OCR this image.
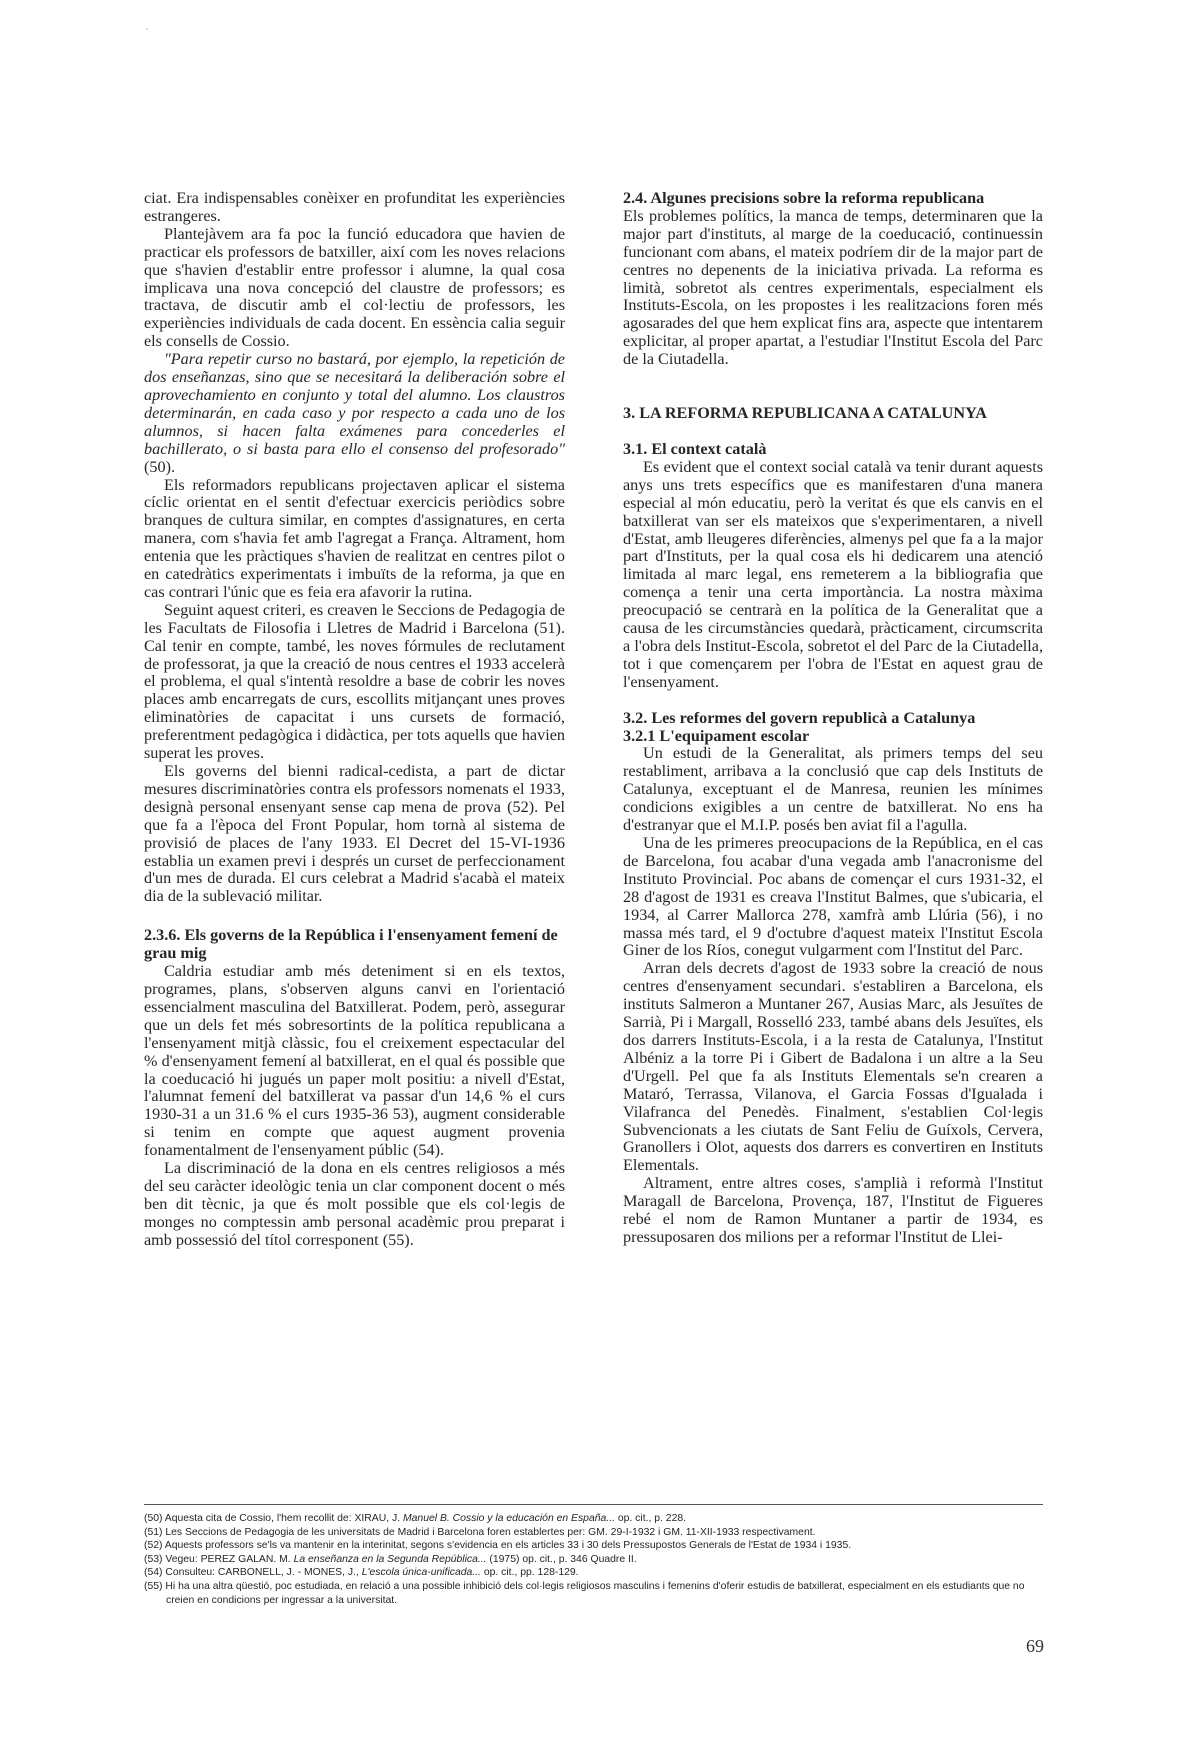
ciat. Era indispensables conèixer en profunditat les experiències estrangeres.

Plantejàvem ara fa poc la funció educadora que havien de practicar els professors de batxiller, així com les noves relacions que s'havien d'establir entre professor i alumne, la qual cosa implicava una nova concepció del claustre de professors; es tractava, de discutir amb el col·lectiu de professors, les experiències individuals de cada docent. En essència calia seguir els consells de Cossio.

"Para repetir curso no bastará, por ejemplo, la repetición de dos enseñanzas, sino que se necesitará la deliberación sobre el aprovechamiento en conjunto y total del alumno. Los claustros determinarán, en cada caso y por respecto a cada uno de los alumnos, si hacen falta exámenes para concederles el bachillerato, o si basta para ello el consenso del profesorado" (50).

Els reformadors republicans projectaven aplicar el sistema cíclic orientat en el sentit d'efectuar exercicis periòdics sobre branques de cultura similar, en comptes d'assignatures, en certa manera, com s'havia fet amb l'agregat a França. Altrament, hom entenia que les pràctiques s'havien de realitzat en centres pilot o en catedràtics experimentats i imbuïts de la reforma, ja que en cas contrari l'únic que es feia era afavorir la rutina.

Seguint aquest criteri, es creaven le Seccions de Pedagogia de les Facultats de Filosofia i Lletres de Madrid i Barcelona (51). Cal tenir en compte, també, les noves fórmules de reclutament de professorat, ja que la creació de nous centres el 1933 accelerà el problema, el qual s'intentà resoldre a base de cobrir les noves places amb encarregats de curs, escollits mitjançant unes proves eliminatòries de capacitat i uns cursets de formació, preferentment pedagògica i didàctica, per tots aquells que havien superat les proves.

Els governs del bienni radical-cedista, a part de dictar mesures discriminatòries contra els professors nomenats el 1933, designà personal ensenyant sense cap mena de prova (52). Pel que fa a l'època del Front Popular, hom tornà al sistema de provisió de places de l'any 1933. El Decret del 15-VI-1936 establia un examen previ i després un curset de perfeccionament d'un mes de durada. El curs celebrat a Madrid s'acabà el mateix dia de la sublevació militar.

2.3.6. Els governs de la República i l'ensenyament femení de grau mig

Caldria estudiar amb més deteniment si en els textos, programes, plans, s'observen alguns canvi en l'orientació essencialment masculina del Batxillerat. Podem, però, assegurar que un dels fet més sobresortints de la política republicana a l'ensenyament mitjà clàssic, fou el creixement espectacular del % d'ensenyament femení al batxillerat, en el qual és possible que la coeducació hi jugués un paper molt positiu: a nivell d'Estat, l'alumnat femení del batxillerat va passar d'un 14,6 % el curs 1930-31 a un 31.6 % el curs 1935-36 53), augment considerable si tenim en compte que aquest augment provenia fonamentalment de l'ensenyament públic (54).

La discriminació de la dona en els centres religiosos a més del seu caràcter ideològic tenia un clar component docent o més ben dit tècnic, ja que és molt possible que els col·legis de monges no comptessin amb personal acadèmic prou preparat i amb possessió del títol corresponent (55).

2.4. Algunes precisions sobre la reforma republicana

Els problemes polítics, la manca de temps, determinaren que la major part d'instituts, al marge de la coeducació, continuessin funcionant com abans, el mateix podríem dir de la major part de centres no depenents de la iniciativa privada. La reforma es limità, sobretot als centres experimentals, especialment els Instituts-Escola, on les propostes i les realitzacions foren més agosarades del que hem explicat fins ara, aspecte que intentarem explicitar, al proper apartat, a l'estudiar l'Institut Escola del Parc de la Ciutadella.

3. LA REFORMA REPUBLICANA A CATALUNYA
3.1. El context català

Es evident que el context social català va tenir durant aquests anys uns trets específics que es manifestaren d'una manera especial al món educatiu, però la veritat és que els canvis en el batxillerat van ser els mateixos que s'experimentaren, a nivell d'Estat, amb lleugeres diferències, almenys pel que fa a la major part d'Instituts, per la qual cosa els hi dedicarem una atenció limitada al marc legal, ens remeterem a la bibliografia que comença a tenir una certa importància. La nostra màxima preocupació se centrarà en la política de la Generalitat que a causa de les circumstàncies quedarà, pràcticament, circumscrita a l'obra dels Institut-Escola, sobretot el del Parc de la Ciutadella, tot i que començarem per l'obra de l'Estat en aquest grau de l'ensenyament.

3.2. Les reformes del govern republicà a Catalunya
3.2.1 L'equipament escolar

Un estudi de la Generalitat, als primers temps del seu restabliment, arribava a la conclusió que cap dels Instituts de Catalunya, exceptuant el de Manresa, reunien les mínimes condicions exigibles a un centre de batxillerat. No ens ha d'estranyar que el M.I.P. posés ben aviat fil a l'agulla.

Una de les primeres preocupacions de la República, en el cas de Barcelona, fou acabar d'una vegada amb l'anacronisme del Instituto Provincial. Poc abans de començar el curs 1931-32, el 28 d'agost de 1931 es creava l'Institut Balmes, que s'ubicaria, el 1934, al Carrer Mallorca 278, xamfrà amb Llúria (56), i no massa més tard, el 9 d'octubre d'aquest mateix l'Institut Escola Giner de los Ríos, conegut vulgarment com l'Institut del Parc.

Arran dels decrets d'agost de 1933 sobre la creació de nous centres d'ensenyament secundari. s'establiren a Barcelona, els instituts Salmeron a Muntaner 267, Ausias Marc, als Jesuïtes de Sarrià, Pi i Margall, Rosselló 233, també abans dels Jesuïtes, els dos darrers Instituts-Escola, i a la resta de Catalunya, l'Institut Albéniz a la torre Pi i Gibert de Badalona i un altre a la Seu d'Urgell. Pel que fa als Instituts Elementals se'n crearen a Mataró, Terrassa, Vilanova, el Garcia Fossas d'Igualada i Vilafranca del Penedès. Finalment, s'establien Col·legis Subvencionats a les ciutats de Sant Feliu de Guíxols, Cervera, Granollers i Olot, aquests dos darrers es convertiren en Instituts Elementals.

Altrament, entre altres coses, s'amplià i reformà l'Institut Maragall de Barcelona, Provença, 187, l'Institut de Figueres rebé el nom de Ramon Muntaner a partir de 1934, es pressuposaren dos milions per a reformar l'Institut de Llei-

(50) Aquesta cita de Cossio, l'hem recollit de: XIRAU, J. Manuel B. Cossio y la educación en España... op. cit., p. 228.

(51) Les Seccions de Pedagogia de les universitats de Madrid i Barcelona foren establertes per: GM. 29-I-1932 i GM. 11-XII-1933 respectivament.

(52) Aquests professors se'ls va mantenir en la interinitat, segons s'evidencia en els articles 33 i 30 dels Pressupostos Generals de l'Estat de 1934 i 1935.

(53) Vegeu: PEREZ GALAN. M. La enseñanza en la Segunda República... (1975) op. cit., p. 346 Quadre II.

(54) Consulteu: CARBONELL, J. - MONES, J., L'escola única-unificada... op. cit., pp. 128-129.

(55) Hi ha una altra qüestió, poc estudiada, en relació a una possible inhibició dels col·legis religiosos masculins i femenins d'oferir estudis de batxillerat, especialment en els estudiants que no creien en condicions per ingressar a la universitat.

69
